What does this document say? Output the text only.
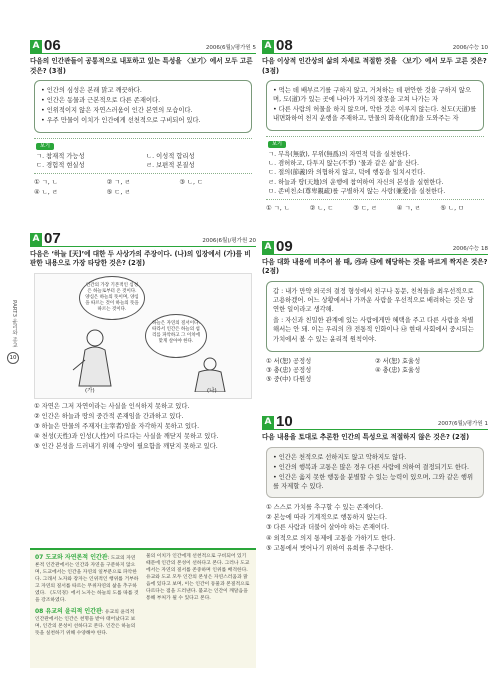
PART3 윤리와 종교
10
A 06	2006(6월)/평가원 5
다음의 인간관들이 공통적으로 내포하고 있는 특성을 〈보기〉에서 모두 고른 것은? (3점)

• 인간의 심성은 본래 맑고 깨끗하다.

• 인간은 동물과 근본적으로 다른 존재이다.

• 인위적이지 않은 자연스러움이 인간 본연의 모습이다.

• 우주 만물이 이치가 인간에게 선천적으로 구비되어 있다.

보기
ㄱ. 참재적 가능성	ㄴ. 이성적 합리성
ㄷ. 경험적 현실성	ㄹ. 보편적 본질성
① ㄱ, ㄴ	② ㄱ, ㄹ	③ ㄴ, ㄷ
④ ㄴ, ㄹ	⑤ ㄷ, ㄹ
A 07	2006(6월)/평가원 20
다음은 ‘하늘 [天]’에 대한 두 사상가의 주장이다. (나)의 입장에서 (가)를 비판한 내용으로 가장 타당한 것은? (2점)
인간의 가장 기본적인 심성은 하늘로부터 온 것이다. 양심은 하늘의 뜻이며, 양심을 따르는 것이 하늘의 뜻을 따르는 것이다.
하늘은 자연의 질서이다. 따라서 인간은 하늘의 섭리를 파악하고 그 이치에 맞게 살아야 한다.
(가)	(나)
① 자연은 그저 자연이라는 사실을 인식하지 못하고 있다.
② 인간은 하늘과 땅의 중간적 존재임을 간과하고 있다.
③ 하늘은 만물의 주재자(主宰者)임을 자각하지 못하고 있다.
④ 천성(天性)과 인성(人性)이 다르다는 사실을 깨닫지 못하고 있다.
⑤ 인간 본성을 드러내기 위해 수양이 필요함을 깨닫지 못하고 있다.

07 도교와 자연론적 인간관: 도교의 자연론적 인간관에서는 인간과 자연을 구분하지 않으며, 도교에서는 인간을 자연의 일부분으로 파악한다. 그래서 노자와 장자는 인위적인 행위를 거부하고 자연의 질서를 따르는 무위자연의 삶을 추구하였다. 《도덕경》에서 노자는 하늘의 도를 따를 것을 강조하였다.

08 유교의 윤리적 인간관: 유교의 윤리적 인간관에서는 인간은 천명을 받아 태어났다고 보며, 인간의 본성이 선하다고 본다. 인간은 하늘의 뜻을 실천하기 위해 수양해야 한다.

물의 이치가 인간에게 선천적으로 구비되어 있기 때문에 인간의 본성이 선하다고 본다. 그러나 도교에서는 자연의 질서를 존중하며 인위를 배격한다. 유교와 도교 모두 인간의 본성은 자연스러움과 맑음에 있다고 보며, 이는 인간이 동물과 본질적으로 다르다는 점을 드러낸다. 불교는 인간이 깨달음을 통해 부처가 될 수 있다고 본다.
A 08	2006/수능 10
다음 이상적 인간상의 삶의 자세로 적절한 것을 〈보기〉에서 모두 고른 것은? (3점)

• 먹는 데 배부르기를 구하지 않고, 거처하는 데 편안한 것을 구하지 않으며, 도(道)가 있는 곳에 나아가 자기의 잘못을 고쳐 나가는 자

• 다른 사람의 허물을 하지 않으며, 악한 것은 이루지 않는다. 천도(天道)를 내면화하여 천지 운행을 주재하고, 만물의 화육(化育)을 도와주는 자

보기
ㄱ. 무욕(無欲), 무위(無爲)의 자연적 덕을 실천한다.
ㄴ. 겸허하고, 다투지 않는(不爭) ‘물과 같은 삶’을 산다.
ㄷ. 절의(節義)와 의협하지 않고, 덕에 행동을 일치시킨다.
ㄹ. 하늘과 땅(天地)의 운행에 참여하여 자신의 본성을 실현한다.
ㅁ. 존비친소(尊卑親疏)를 구별하지 않는 사랑(兼愛)을 실천한다.
① ㄱ, ㄴ	② ㄴ, ㄷ	③ ㄷ, ㄹ	④ ㄱ, ㄹ	⑤ ㄴ, ㅁ
A 09	2006/수능 18
다음 대화 내용에 비추어 볼 때, ㉮과 ㉯에 해당하는 것을 바르게 짝지은 것은? (2점)

갑 : 내가 만약 외국의 결정 형성에서 친구나 동문, 친척들을 최우선적으로 고용하겠어. 어느 상황에서나 가까운 사람을 우선적으로 배려하는 것은 당연한 일이라고 생각해.

을 : 자신과 친밀한 관계에 있는 사람에게만 혜택을 주고 다른 사람을 차별해서는 안 돼. 이는 우리의 ㉮ 전통적 인화이나 ㉯ 현대 사회에서 중시되는 가치에서 볼 수 있는 윤리적 원칙이야.

① 서(恕) 공정성	② 서(恕) 효율성
③ 충(忠) 공정성	④ 충(忠) 효율성
⑤ 중(中) 다원성
A 10	2007(6월)/평가원 1
다음 내용을 토대로 추론한 인간의 특성으로 적절하지 않은 것은? (2점)

• 인간은 천적으로 선하지도 않고 악하지도 않다.

• 인간의 행복과 고통은 많은 경우 다른 사람에 의하여 결정되기도 한다.

• 인간은 옳지 못한 행동을 분별할 수 있는 능력이 있으며, 그와 같은 행위를 자제할 수 있다.

① 스스로 가치를 추구할 수 있는 존재이다.
② 본능에 따라 기계적으로 행동하지 않는다.
③ 다른 사람과 더불어 살아야 하는 존재이다.
④ 외적으로 의지 통제에 고통을 가하기도 한다.
⑤ 고통에서 벗어나기 위하여 유희를 추구한다.
